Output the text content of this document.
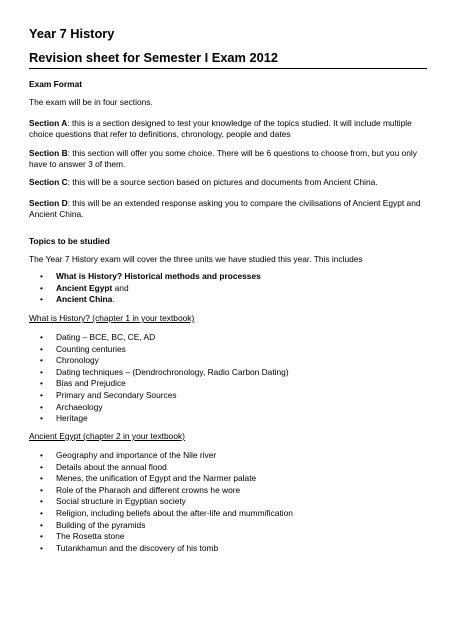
Year 7 History
Revision sheet for Semester I Exam 2012

Exam Format

The exam will be in four sections.

Section A: this is a section designed to test your knowledge of the topics studied. It will include multiple choice questions that refer to definitions, chronology, people and dates

Section B: this section will offer you some choice. There will be 6 questions to choose from, but you only have to answer 3 of them.

Section C: this will be a source section based on pictures and documents from Ancient China.

Section D: this will be an extended response asking you to compare the civilisations of Ancient Egypt and Ancient China.

Topics to be studied

The Year 7 History exam will cover the three units we have studied this year. This includes

• What is History? Historical methods and processes
• Ancient Egypt and
• Ancient China.

What is History? (chapter 1 in your textbook)

• Dating – BCE, BC, CE, AD
• Counting centuries
• Chronology
• Dating techniques – (Dendrochronology, Radio Carbon Dating)
• Bias and Prejudice
• Primary and Secondary Sources
• Archaeology
• Heritage

Ancient Egypt (chapter 2 in your textbook)

• Geography and importance of the Nile river
• Details about the annual flood
• Menes, the unification of Egypt and the Narmer palate
• Role of the Pharaoh and different crowns he wore
• Social structure in Egyptian society
• Religion, including beliefs about the after-life and mummification
• Building of the pyramids
• The Rosetta stone
• Tutankhamun and the discovery of his tomb
